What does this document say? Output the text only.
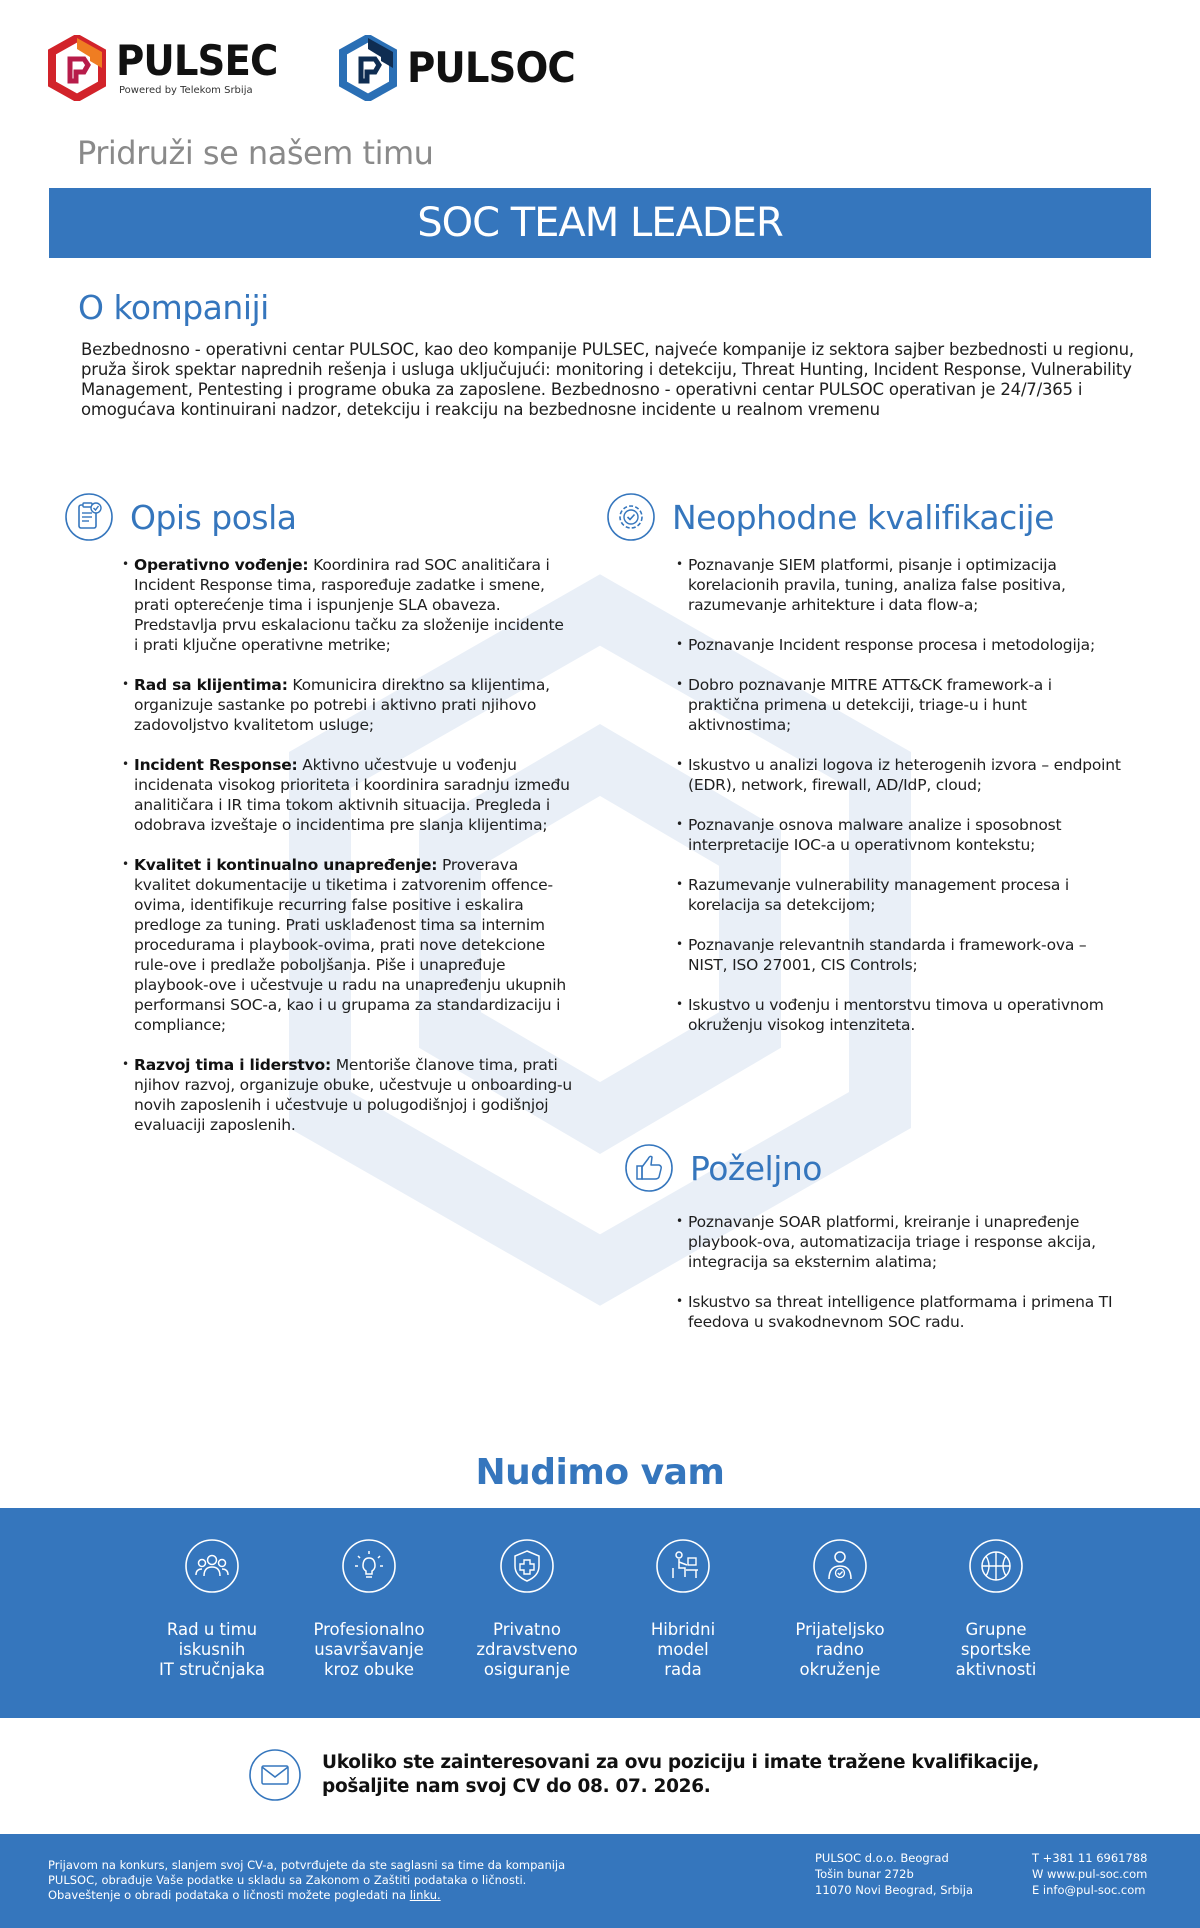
PULSEC
Powered by Telekom Srbija	PULSOC
Pridruži se našem timu
SOC TEAM LEADER
O kompaniji

Bezbednosno - operativni centar PULSOC, kao deo kompanije PULSEC, najveće kompanije iz sektora sajber bezbednosti u regionu, pruža širok spektar naprednih rešenja i usluga uključujući: monitoring i detekciju, Threat Hunting, Incident Response, Vulnerability Management, Pentesting i programe obuka za zaposlene. Bezbednosno - operativni centar PULSOC operativan je 24/7/365 i omogućava kontinuirani nadzor, detekciju i reakciju na bezbednosne incidente u realnom vremenu

Opis posla
• Operativno vođenje: Koordinira rad SOC analitičara i Incident Response tima, raspoređuje zadatke i smene, prati opterećenje tima i ispunjenje SLA obaveza. Predstavlja prvu eskalacionu tačku za složenije incidente i prati ključne operativne metrike;
• Rad sa klijentima: Komunicira direktno sa klijentima, organizuje sastanke po potrebi i aktivno prati njihovo zadovoljstvo kvalitetom usluge;
• Incident Response: Aktivno učestvuje u vođenju incidenata visokog prioriteta i koordinira saradnju između analitičara i IR tima tokom aktivnih situacija. Pregleda i odobrava izveštaje o incidentima pre slanja klijentima;
• Kvalitet i kontinualno unapređenje: Proverava kvalitet dokumentacije u tiketima i zatvorenim offence-ovima, identifikuje recurring false positive i eskalira predloge za tuning. Prati usklađenost tima sa internim procedurama i playbook-ovima, prati nove detekcione rule-ove i predlaže poboljšanja. Piše i unapređuje playbook-ove i učestvuje u radu na unapređenju ukupnih performansi SOC-a, kao i u grupama za standardizaciju i compliance;
• Razvoj tima i liderstvo: Mentoriše članove tima, prati njihov razvoj, organizuje obuke, učestvuje u onboarding-u novih zaposlenih i učestvuje u polugodišnjoj i godišnjoj evaluaciji zaposlenih.
Neophodne kvalifikacije
• Poznavanje SIEM platformi, pisanje i optimizacija korelacionih pravila, tuning, analiza false positiva, razumevanje arhitekture i data flow-a;
• Poznavanje Incident response procesa i metodologija;
• Dobro poznavanje MITRE ATT&CK framework-a i praktična primena u detekciji, triage-u i hunt aktivnostima;
• Iskustvo u analizi logova iz heterogenih izvora – endpoint (EDR), network, firewall, AD/IdP, cloud;
• Poznavanje osnova malware analize i sposobnost interpretacije IOC-a u operativnom kontekstu;
• Razumevanje vulnerability management procesa i korelacija sa detekcijom;
• Poznavanje relevantnih standarda i framework-ova – NIST, ISO 27001, CIS Controls;
• Iskustvo u vođenju i mentorstvu timova u operativnom okruženju visokog intenziteta.
Poželjno
• Poznavanje SOAR platformi, kreiranje i unapređenje playbook-ova, automatizacija triage i response akcija, integracija sa eksternim alatima;
• Iskustvo sa threat intelligence platformama i primena TI feedova u svakodnevnom SOC radu.
Nudimo vam
Rad u timu
iskusnih
IT stručnjaka
Profesionalno
usavršavanje
kroz obuke
Privatno
zdravstveno
osiguranje
Hibridni
model
rada
Prijateljsko
radno
okruženje
Grupne
sportske
aktivnosti

Ukoliko ste zainteresovani za ovu poziciju i imate tražene kvalifikacije,
pošaljite nam svoj CV do 08. 07. 2026.

Prijavom na konkurs, slanjem svoj CV-a, potvrđujete da ste saglasni sa time da kompanija PULSOC, obrađuje Vaše podatke u skladu sa Zakonom o Zaštiti podataka o ličnosti. Obaveštenje o obradi podataka o ličnosti možete pogledati na linku.

PULSOC d.o.o. Beograd
Tošin bunar 272b
11070 Novi Beograd, Srbija
T +381 11 6961788
W www.pul-soc.com
E info@pul-soc.com
